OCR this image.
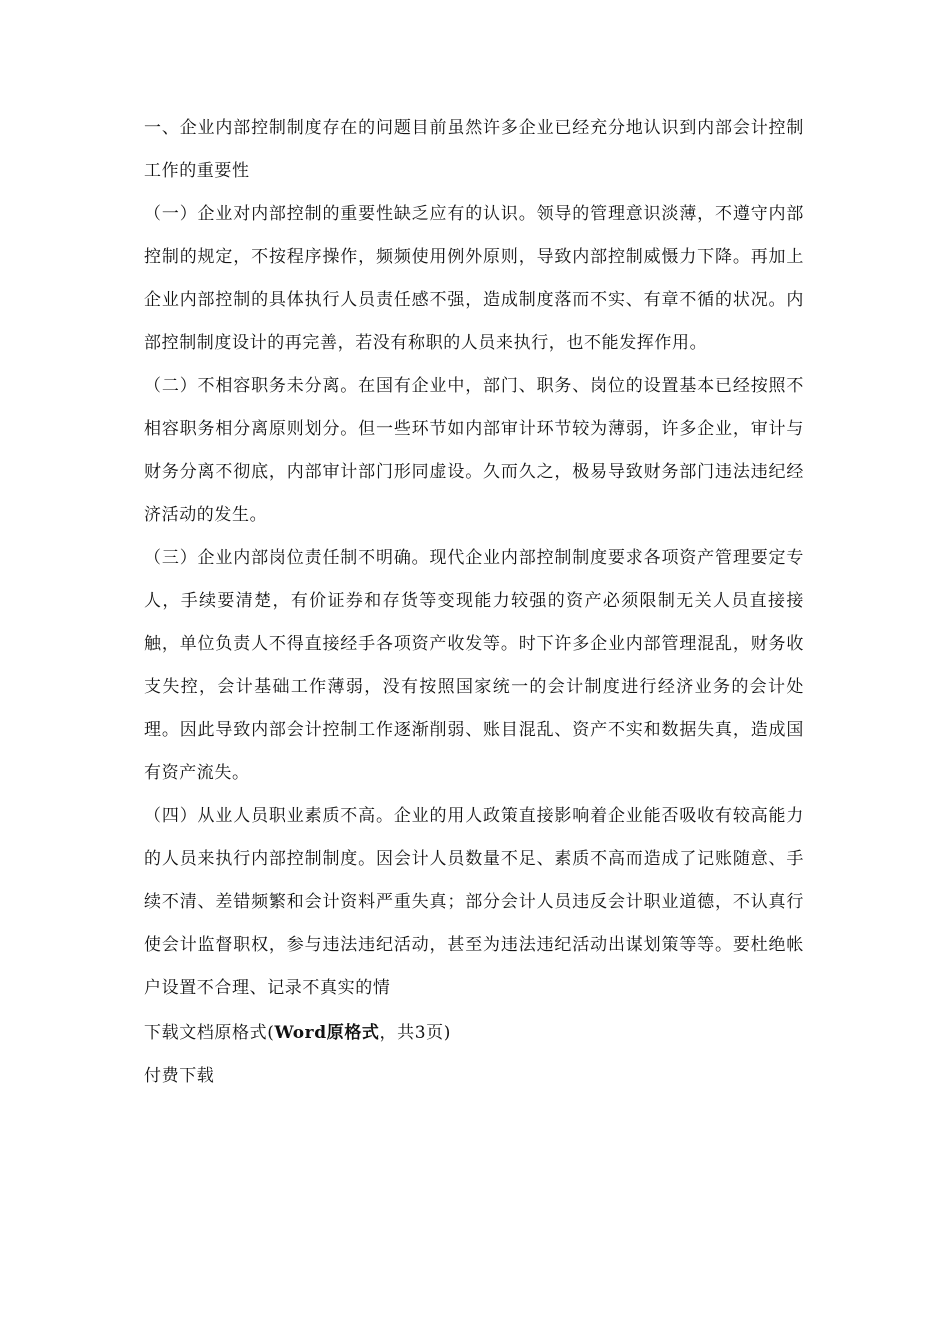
一、企业内部控制制度存在的问题目前虽然许多企业已经充分地认识到内部会计控制工作的重要性

（一）企业对内部控制的重要性缺乏应有的认识。领导的管理意识淡薄，不遵守内部控制的规定，不按程序操作，频频使用例外原则，导致内部控制威慑力下降。再加上企业内部控制的具体执行人员责任感不强，造成制度落而不实、有章不循的状况。内部控制制度设计的再完善，若没有称职的人员来执行，也不能发挥作用。

（二）不相容职务未分离。在国有企业中，部门、职务、岗位的设置基本已经按照不相容职务相分离原则划分。但一些环节如内部审计环节较为薄弱，许多企业，审计与财务分离不彻底，内部审计部门形同虚设。久而久之，极易导致财务部门违法违纪经济活动的发生。

（三）企业内部岗位责任制不明确。现代企业内部控制制度要求各项资产管理要定专人，手续要清楚，有价证券和存货等变现能力较强的资产必须限制无关人员直接接触，单位负责人不得直接经手各项资产收发等。时下许多企业内部管理混乱，财务收支失控，会计基础工作薄弱，没有按照国家统一的会计制度进行经济业务的会计处理。因此导致内部会计控制工作逐渐削弱、账目混乱、资产不实和数据失真，造成国有资产流失。

（四）从业人员职业素质不高。企业的用人政策直接影响着企业能否吸收有较高能力的人员来执行内部控制制度。因会计人员数量不足、素质不高而造成了记账随意、手续不清、差错频繁和会计资料严重失真；部分会计人员违反会计职业道德，不认真行使会计监督职权，参与违法违纪活动，甚至为违法违纪活动出谋划策等等。要杜绝帐户设置不合理、记录不真实的情

下载文档原格式(Word原格式，共3页)

付费下载
